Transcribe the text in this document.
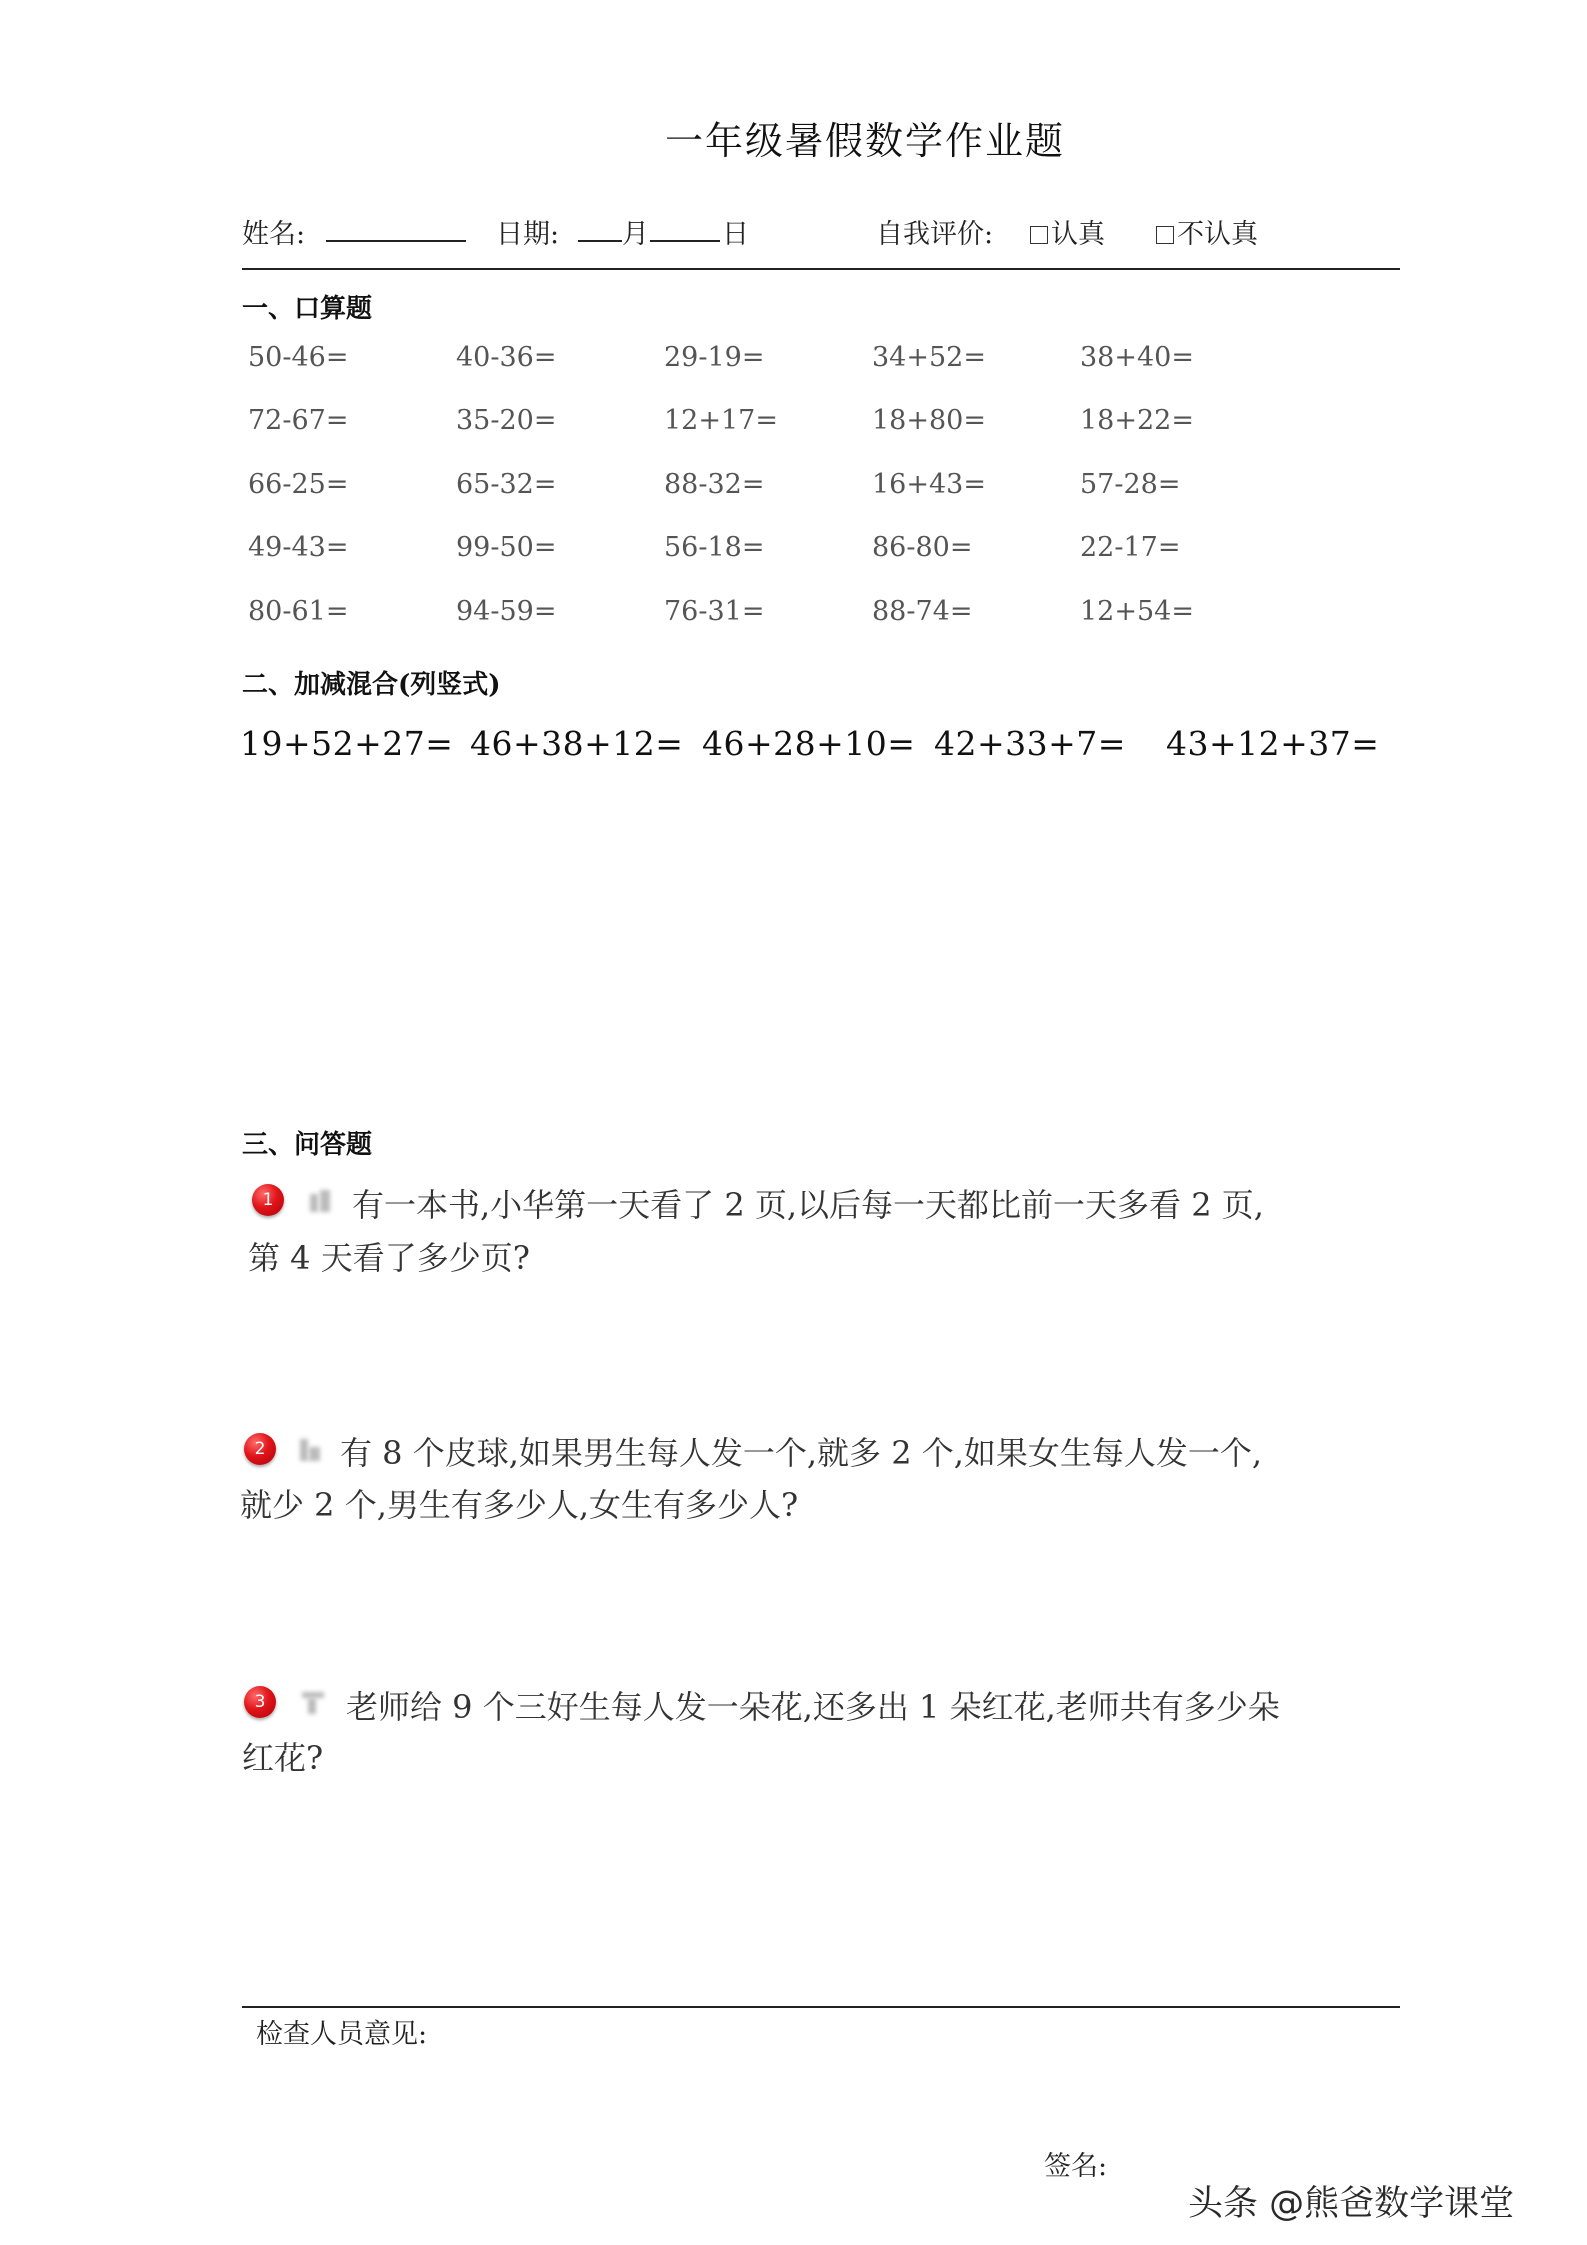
一年级暑假数学作业题
姓名:	日期: 月	日	自我评价:	认真	不认真
一、口算题
50-46=	40-36=	29-19=	34+52=	38+40=
72-67=	35-20=	12+17=	18+80=	18+22=
66-25=	65-32=	88-32=	16+43=	57-28=
49-43=	99-50=	56-18=	86-80=	22-17=
80-61=	94-59=	76-31=	88-74=	12+54=
二、加减混合(列竖式)
19+52+27= 46+38+12= 46+28+10= 42+33+7= 43+12+37=
三、问答题
1	有一本书,小华第一天看了 2 页,以后每一天都比前一天多看 2 页,
第 4 天看了多少页?
2	有 8 个皮球,如果男生每人发一个,就多 2 个,如果女生每人发一个,
就少 2 个,男生有多少人,女生有多少人?
3	老师给 9 个三好生每人发一朵花,还多出 1 朵红花,老师共有多少朵
红花?
检查人员意见:
签名:
头条 @熊爸数学课堂
